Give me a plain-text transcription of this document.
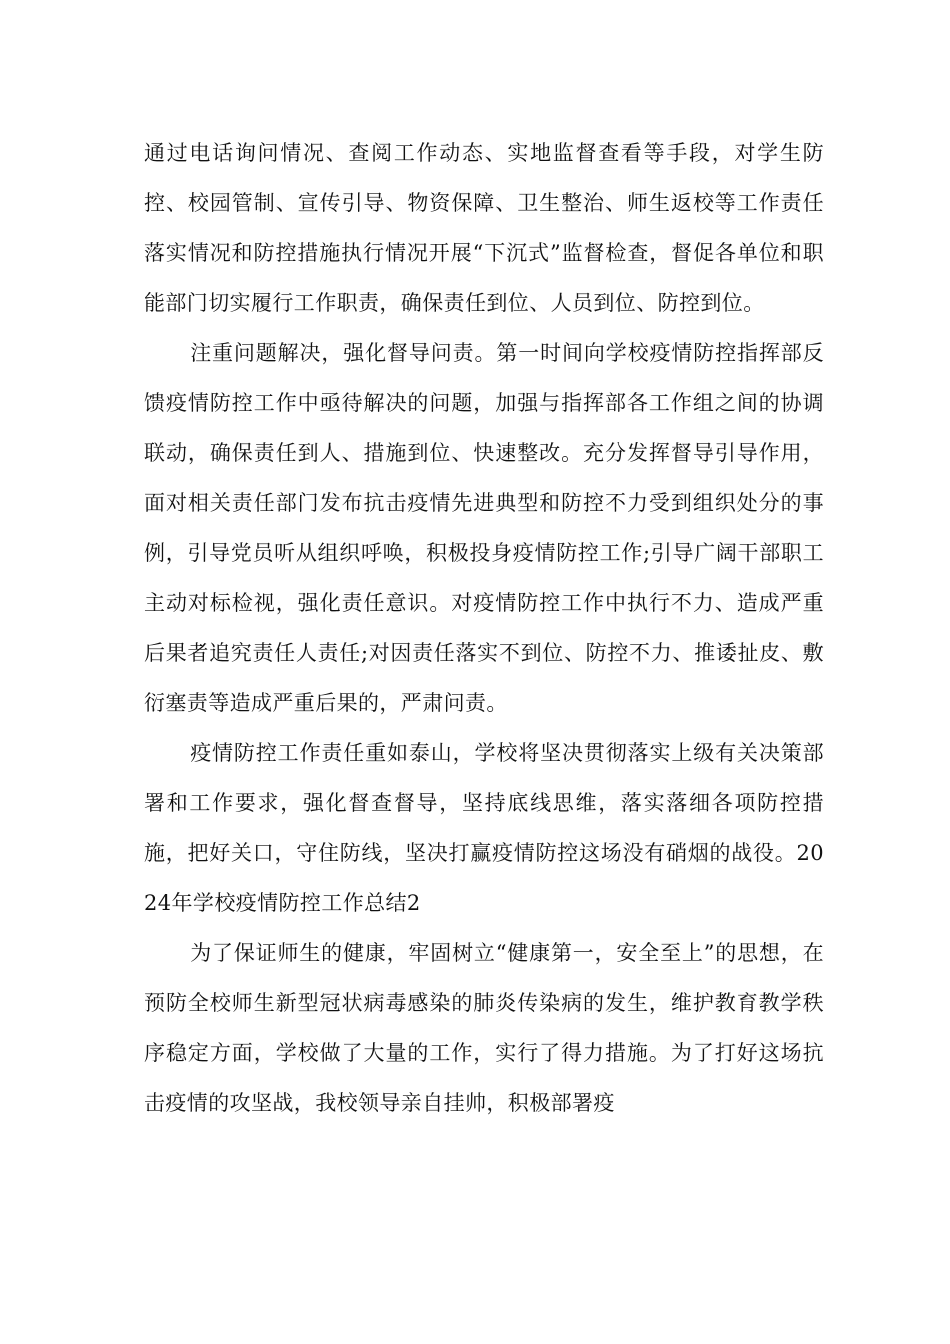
通过电话询问情况、查阅工作动态、实地监督查看等手段，对学生防控、校园管制、宣传引导、物资保障、卫生整治、师生返校等工作责任落实情况和防控措施执行情况开展“下沉式”监督检查，督促各单位和职能部门切实履行工作职责，确保责任到位、人员到位、防控到位。

注重问题解决，强化督导问责。第一时间向学校疫情防控指挥部反馈疫情防控工作中亟待解决的问题，加强与指挥部各工作组之间的协调联动，确保责任到人、措施到位、快速整改。充分发挥督导引导作用，面对相关责任部门发布抗击疫情先进典型和防控不力受到组织处分的事例，引导党员听从组织呼唤，积极投身疫情防控工作;引导广阔干部职工主动对标检视，强化责任意识。对疫情防控工作中执行不力、造成严重后果者追究责任人责任;对因责任落实不到位、防控不力、推诿扯皮、敷衍塞责等造成严重后果的，严肃问责。

疫情防控工作责任重如泰山，学校将坚决贯彻落实上级有关决策部署和工作要求，强化督查督导，坚持底线思维，落实落细各项防控措施，把好关口，守住防线，坚决打赢疫情防控这场没有硝烟的战役。2024年学校疫情防控工作总结2

为了保证师生的健康，牢固树立“健康第一，安全至上”的思想，在预防全校师生新型冠状病毒感染的肺炎传染病的发生，维护教育教学秩序稳定方面，学校做了大量的工作，实行了得力措施。为了打好这场抗击疫情的攻坚战，我校领导亲自挂帅，积极部署疫
